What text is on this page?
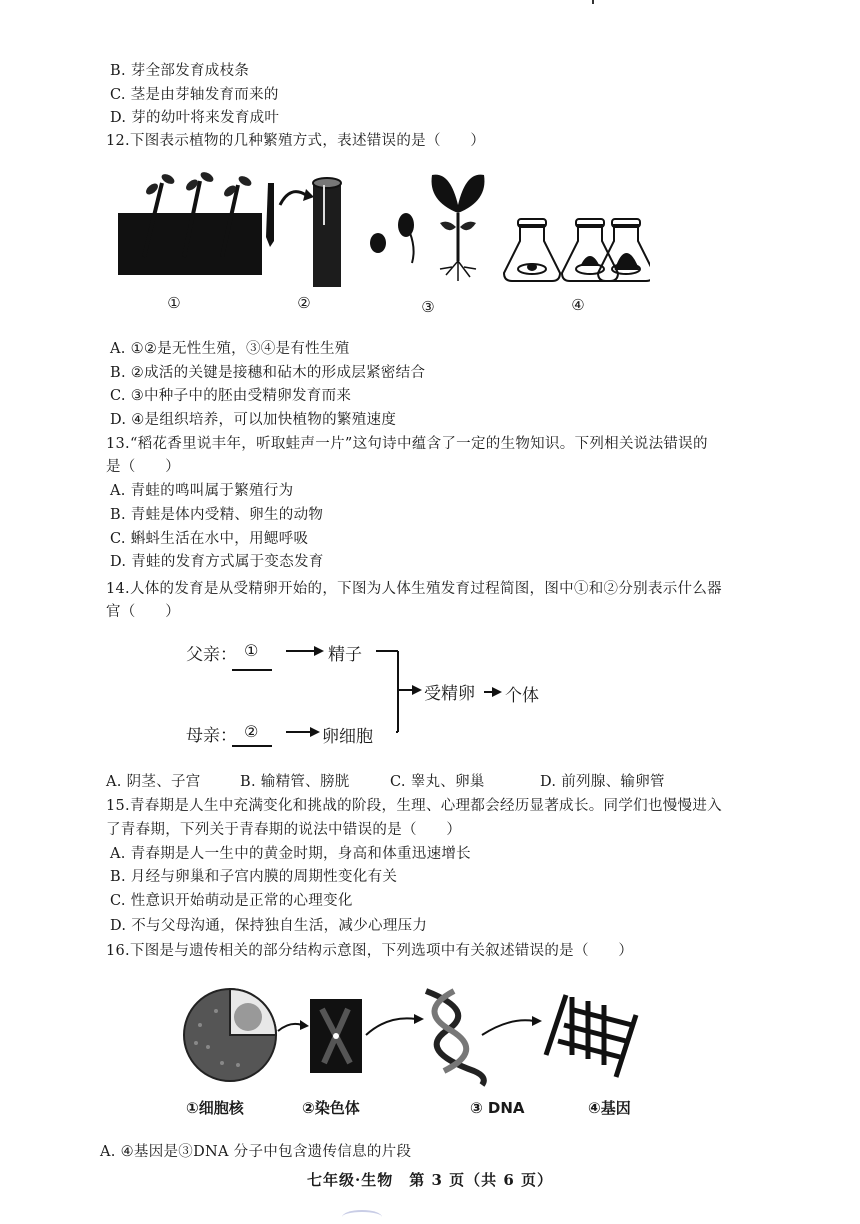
B. 芽全部发育成枝条
C. 茎是由芽轴发育而来的
D. 芽的幼叶将来发育成叶
12.下图表示植物的几种繁殖方式，表述错误的是（　　）
①	②	③	④
A. ①②是无性生殖，③④是有性生殖
B. ②成活的关键是接穗和砧木的形成层紧密结合
C. ③中种子中的胚由受精卵发育而来
D. ④是组织培养，可以加快植物的繁殖速度
13.“稻花香里说丰年，听取蛙声一片”这句诗中蕴含了一定的生物知识。下列相关说法错误的
是（　　）
A. 青蛙的鸣叫属于繁殖行为
B. 青蛙是体内受精、卵生的动物
C. 蝌蚪生活在水中，用鳃呼吸
D. 青蛙的发育方式属于变态发育
14.人体的发育是从受精卵开始的，下图为人体生殖发育过程简图，图中①和②分别表示什么器
官（　　）
父亲： ①	精子
受精卵 个体
母亲： ②	卵细胞
A. 阴茎、子宫	B. 输精管、膀胱	C. 睾丸、卵巢	D. 前列腺、输卵管
15.青春期是人生中充满变化和挑战的阶段，生理、心理都会经历显著成长。同学们也慢慢进入
了青春期，下列关于青春期的说法中错误的是（　　）
A. 青春期是人一生中的黄金时期，身高和体重迅速增长
B. 月经与卵巢和子宫内膜的周期性变化有关
C. 性意识开始萌动是正常的心理变化
D. 不与父母沟通，保持独自生活，减少心理压力
16.下图是与遗传相关的部分结构示意图，下列选项中有关叙述错误的是（　　）
①细胞核	②染色体	③ DNA	④基因
A. ④基因是③DNA 分子中包含遗传信息的片段
七年级·生物　第 3 页（共 6 页）
